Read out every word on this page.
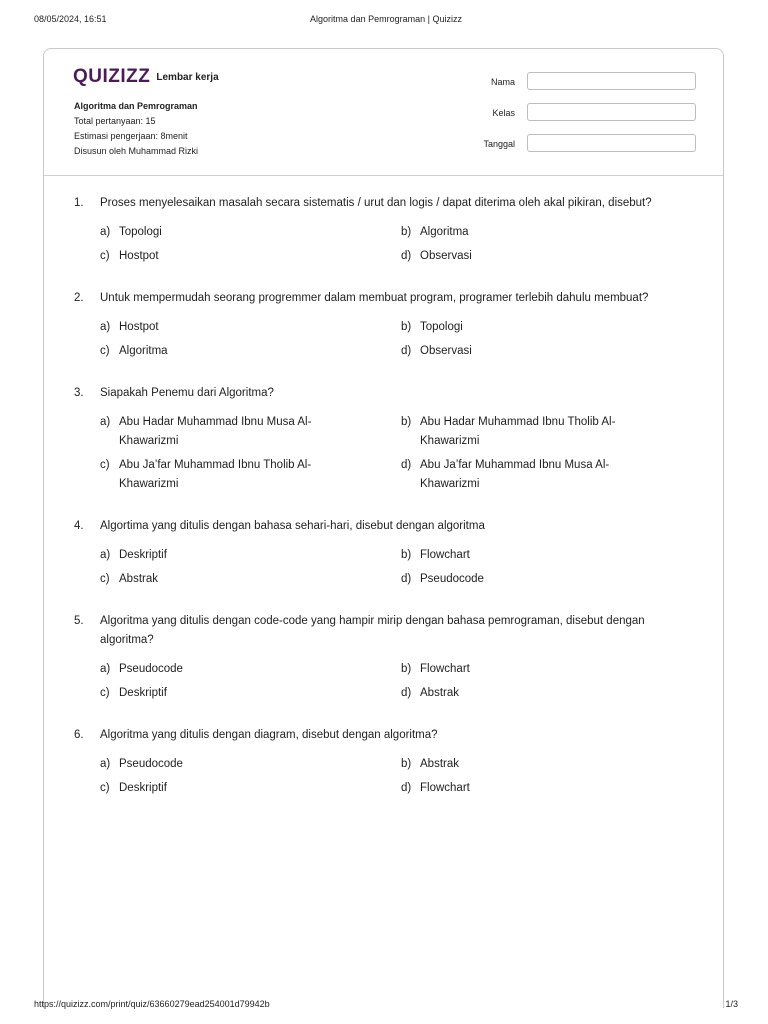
08/05/2024, 16:51	Algoritma dan Pemrograman | Quizizz
QUIZIZZ Lembar kerja
Algoritma dan Pemrograman
Total pertanyaan: 15
Estimasi pengerjaan: 8menit
Disusun oleh Muhammad Rizki
Nama
Kelas
Tanggal
1.	Proses menyelesaikan masalah secara sistematis / urut dan logis / dapat diterima oleh akal pikiran, disebut?
a) Topologi	b) Algoritma
c) Hostpot	d) Observasi
2.	Untuk mempermudah seorang progremmer dalam membuat program, programer terlebih dahulu membuat?
a) Hostpot	b) Topologi
c) Algoritma	d) Observasi
3.	Siapakah Penemu dari Algoritma?
a) Abu Hadar Muhammad Ibnu Musa Al-Khawarizmi
b) Abu Hadar Muhammad Ibnu Tholib Al-Khawarizmi
c) Abu Ja’far Muhammad Ibnu Tholib Al-Khawarizmi
d) Abu Ja’far Muhammad Ibnu Musa Al-Khawarizmi
4.	Algortima yang ditulis dengan bahasa sehari-hari, disebut dengan algoritma
a) Deskriptif	b) Flowchart
c) Abstrak	d) Pseudocode
5.	Algoritma yang ditulis dengan code-code yang hampir mirip dengan bahasa pemrograman, disebut dengan algoritma?
a) Pseudocode	b) Flowchart
c) Deskriptif	d) Abstrak
6.	Algoritma yang ditulis dengan diagram, disebut dengan algoritma?
a) Pseudocode	b) Abstrak
c) Deskriptif	d) Flowchart
https://quizizz.com/print/quiz/63660279ead254001d79942b	1/3
